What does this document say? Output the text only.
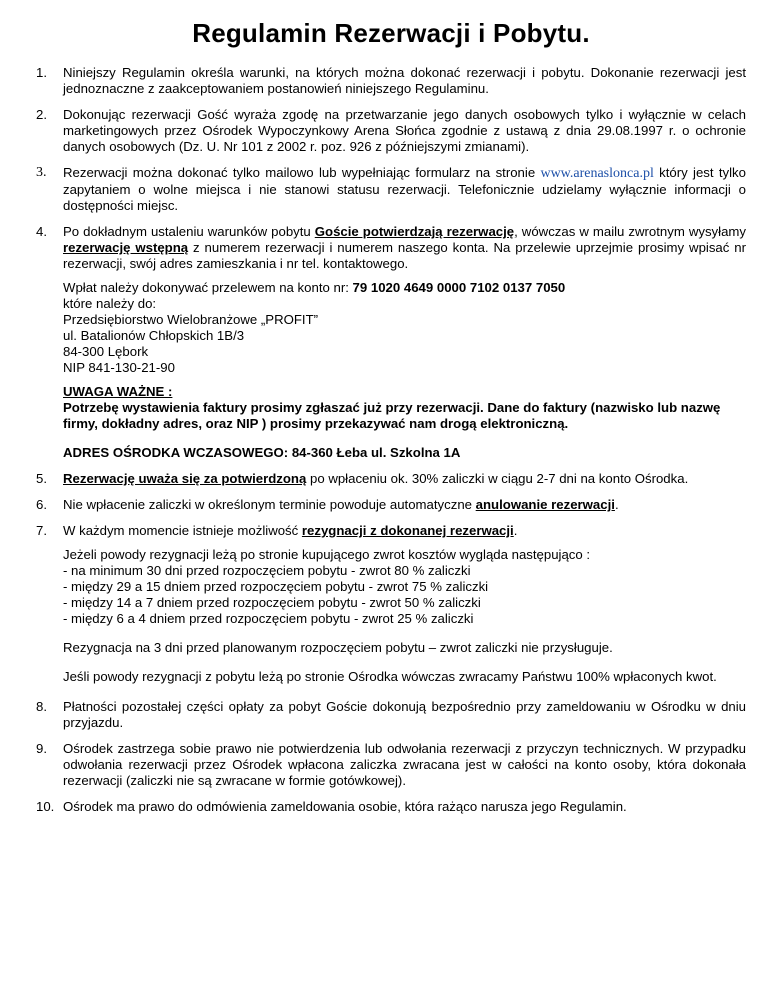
Regulamin Rezerwacji i Pobytu.
1. Niniejszy Regulamin określa warunki, na których można dokonać rezerwacji i pobytu. Dokonanie rezerwacji jest jednoznaczne z zaakceptowaniem postanowień niniejszego Regulaminu.
2. Dokonując rezerwacji Gość wyraża zgodę na przetwarzanie jego danych osobowych tylko i wyłącznie w celach marketingowych przez Ośrodek Wypoczynkowy Arena Słońca zgodnie z ustawą z dnia 29.08.1997 r. o ochronie danych osobowych (Dz. U. Nr 101 z 2002 r. poz. 926 z późniejszymi zmianami).
3. Rezerwacji można dokonać tylko mailowo lub wypełniając formularz na stronie www.arenaslonca.pl który jest tylko zapytaniem o wolne miejsca i nie stanowi statusu rezerwacji. Telefonicznie udzielamy wyłącznie informacji o dostępności miejsc.
4. Po dokładnym ustaleniu warunków pobytu Goście potwierdzają rezerwację, wówczas w mailu zwrotnym wysyłamy rezerwację wstępną z numerem rezerwacji i numerem naszego konta. Na przelewie uprzejmie prosimy wpisać nr rezerwacji, swój adres zamieszkania i nr tel. kontaktowego.
Wpłat należy dokonywać przelewem na konto nr: 79 1020 4649 0000 7102 0137 7050
które należy do:
Przedsiębiorstwo Wielobranżowe „PROFIT”
ul. Batalionów Chłopskich 1B/3
84-300 Lębork
NIP 841-130-21-90
UWAGA WAŻNE :
Potrzebę wystawienia faktury prosimy zgłaszać już przy rezerwacji. Dane do faktury (nazwisko lub nazwę firmy, dokładny adres, oraz NIP ) prosimy przekazywać nam drogą elektroniczną.
ADRES OŚRODKA WCZASOWEGO: 84-360 Łeba ul. Szkolna 1A
5. Rezerwację uważa się za potwierdzoną po wpłaceniu ok. 30% zaliczki w ciągu 2-7 dni na konto Ośrodka.
6. Nie wpłacenie zaliczki w określonym terminie powoduje automatyczne anulowanie rezerwacji.
7. W każdym momencie istnieje możliwość rezygnacji z dokonanej rezerwacji.
Jeżeli powody rezygnacji leżą po stronie kupującego zwrot kosztów wygląda następująco :
- na minimum 30 dni przed rozpoczęciem pobytu - zwrot 80 % zaliczki
- między 29 a 15 dniem przed rozpoczęciem pobytu - zwrot 75 % zaliczki
- między 14 a 7 dniem przed rozpoczęciem pobytu - zwrot 50 % zaliczki
- między 6 a 4 dniem przed rozpoczęciem pobytu - zwrot 25 % zaliczki
Rezygnacja na 3 dni przed planowanym rozpoczęciem pobytu – zwrot zaliczki nie przysługuje.
Jeśli powody rezygnacji z pobytu leżą po stronie Ośrodka wówczas zwracamy Państwu 100% wpłaconych kwot.
8. Płatności pozostałej części opłaty za pobyt Goście dokonują bezpośrednio przy zameldowaniu w Ośrodku w dniu przyjazdu.
9. Ośrodek zastrzega sobie prawo nie potwierdzenia lub odwołania rezerwacji z przyczyn technicznych. W przypadku odwołania rezerwacji przez Ośrodek wpłacona zaliczka zwracana jest w całości na konto osoby, która dokonała rezerwacji (zaliczki nie są zwracane w formie gotówkowej).
10. Ośrodek ma prawo do odmówienia zameldowania osobie, która rażąco narusza jego Regulamin.
